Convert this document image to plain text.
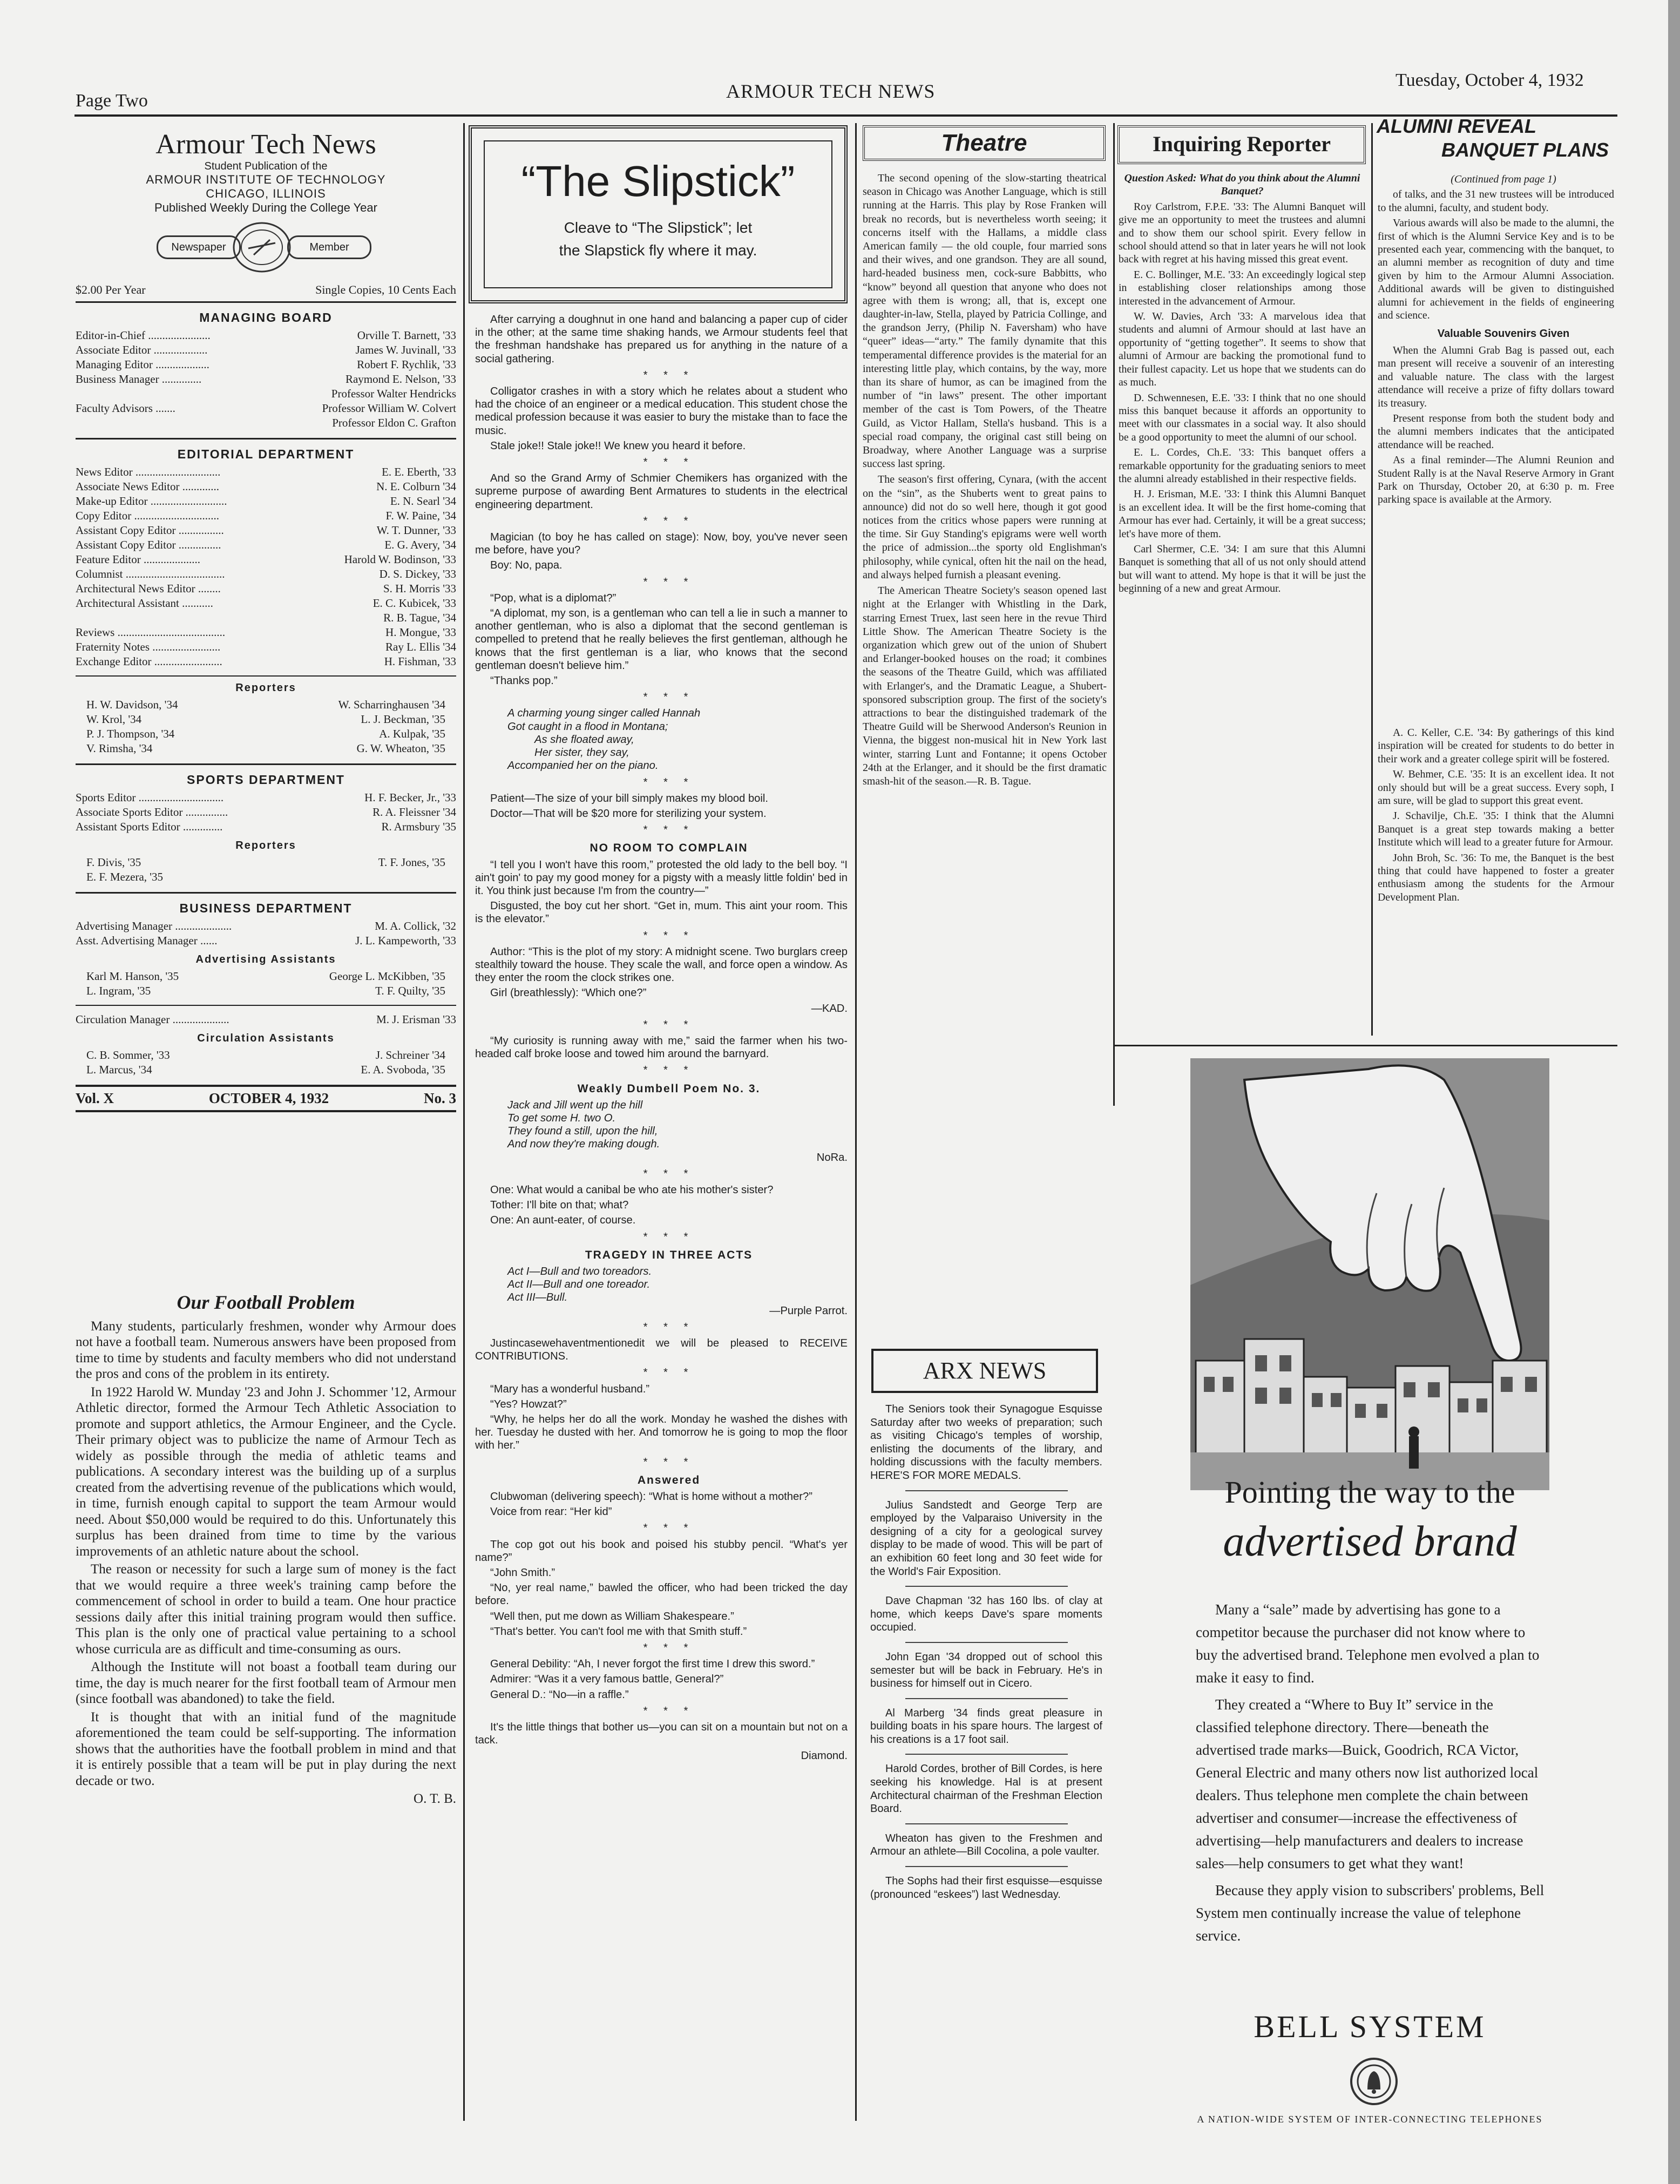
Page Two	ARMOUR TECH NEWS
Tuesday, October 4, 1932
Armour Tech News
Student Publication of the
ARMOUR INSTITUTE OF TECHNOLOGY
CHICAGO, ILLINOIS
Published Weekly During the College Year
Newspaper	Member
$2.00 Per Year	Single Copies, 10 Cents Each
MANAGING BOARD
Editor-in-Chief ......................	Orville T. Barnett, '33
Associate Editor ...................	James W. Juvinall, '33
Managing Editor ...................	Robert F. Rychlik, '33
Business Manager ..............	Raymond E. Nelson, '33
Professor Walter Hendricks
Faculty Advisors .......	Professor William W. Colvert
Professor Eldon C. Grafton
EDITORIAL DEPARTMENT
News Editor ..............................	E. E. Eberth, '33
Associate News Editor .............	N. E. Colburn '34
Make-up Editor ...........................	E. N. Searl '34
Copy Editor ..............................	F. W. Paine, '34
Assistant Copy Editor ................	W. T. Dunner, '33
Assistant Copy Editor ...............	E. G. Avery, '34
Feature Editor ....................	Harold W. Bodinson, '33
Columnist ...................................	D. S. Dickey, '33
Architectural News Editor ........	S. H. Morris '33
Architectural Assistant ...........	E. C. Kubicek, '33
R. B. Tague, '34
Reviews ......................................	H. Mongue, '33
Fraternity Notes ........................	Ray L. Ellis '34
Exchange Editor ........................	H. Fishman, '33
Reporters
H. W. Davidson, '34	W. Scharringhausen '34
W. Krol, '34	L. J. Beckman, '35
P. J. Thompson, '34	A. Kulpak, '35
V. Rimsha, '34	G. W. Wheaton, '35
SPORTS DEPARTMENT
Sports Editor ..............................	H. F. Becker, Jr., '33
Associate Sports Editor ...............	R. A. Fleissner '34
Assistant Sports Editor ..............	R. Armsbury '35
Reporters
F. Divis, '35	T. F. Jones, '35
E. F. Mezera, '35
BUSINESS DEPARTMENT
Advertising Manager ....................	M. A. Collick, '32
Asst. Advertising Manager ......	J. L. Kampeworth, '33
Advertising Assistants
Karl M. Hanson, '35	George L. McKibben, '35
L. Ingram, '35	T. F. Quilty, '35
Circulation Manager ....................	M. J. Erisman '33
Circulation Assistants
C. B. Sommer, '33	J. Schreiner '34
L. Marcus, '34	E. A. Svoboda, '35
Vol. X	OCTOBER 4, 1932	No. 3
Our Football Problem

Many students, particularly freshmen, wonder why Armour does not have a football team. Numerous answers have been proposed from time to time by students and faculty members who did not understand the pros and cons of the problem in its entirety.

In 1922 Harold W. Munday '23 and John J. Schommer '12, Armour Athletic director, formed the Armour Tech Athletic Association to promote and support athletics, the Armour Engineer, and the Cycle. Their primary object was to publicize the name of Armour Tech as widely as possible through the media of athletic teams and publications. A secondary interest was the building up of a surplus created from the advertising revenue of the publications which would, in time, furnish enough capital to support the team Armour would need. About $50,000 would be required to do this. Unfortunately this surplus has been drained from time to time by the various improvements of an athletic nature about the school.

The reason or necessity for such a large sum of money is the fact that we would require a three week's training camp before the commencement of school in order to build a team. One hour practice sessions daily after this initial training program would then suffice. This plan is the only one of practical value pertaining to a school whose curricula are as difficult and time-consuming as ours.

Although the Institute will not boast a football team during our time, the day is much nearer for the first football team of Armour men (since football was abandoned) to take the field.

It is thought that with an initial fund of the magnitude aforementioned the team could be self-supporting. The information shows that the authorities have the football problem in mind and that it is entirely possible that a team will be put in play during the next decade or two.

O. T. B.

“The Slipstick”
Cleave to “The Slipstick”; let
the Slapstick fly where it may.

After carrying a doughnut in one hand and balancing a paper cup of cider in the other; at the same time shaking hands, we Armour students feel that the freshman handshake has prepared us for anything in the nature of a social gathering.

* * *

Colligator crashes in with a story which he relates about a student who had the choice of an engineer or a medical education. This student chose the medical profession because it was easier to bury the mistake than to face the music.

Stale joke!! Stale joke!! We knew you heard it before.

* * *

And so the Grand Army of Schmier Chemikers has organized with the supreme purpose of awarding Bent Armatures to students in the electrical engineering department.

* * *

Magician (to boy he has called on stage): Now, boy, you've never seen me before, have you?

Boy: No, papa.

* * *

“Pop, what is a diplomat?”

“A diplomat, my son, is a gentleman who can tell a lie in such a manner to another gentleman, who is also a diplomat that the second gentleman is compelled to pretend that he really believes the first gentleman, although he knows that the first gentleman is a liar, who knows that the second gentleman doesn't believe him.”

“Thanks pop.”

* * *

A charming young singer called Hannah

Got caught in a flood in Montana;

As she floated away,

Her sister, they say,

Accompanied her on the piano.

* * *

Patient—The size of your bill simply makes my blood boil.

Doctor—That will be $20 more for sterilizing your system.

* * *

NO ROOM TO COMPLAIN

“I tell you I won't have this room,” protested the old lady to the bell boy. “I ain't goin' to pay my good money for a pigsty with a measly little foldin' bed in it. You think just because I'm from the country—”

Disgusted, the boy cut her short. “Get in, mum. This aint your room. This is the elevator.”

* * *

Author: “This is the plot of my story: A midnight scene. Two burglars creep stealthily toward the house. They scale the wall, and force open a window. As they enter the room the clock strikes one.

Girl (breathlessly): “Which one?”

—KAD.

* * *

“My curiosity is running away with me,” said the farmer when his two-headed calf broke loose and towed him around the barnyard.

* * *

Weakly Dumbell Poem No. 3.

Jack and Jill went up the hill

To get some H. two O.

They found a still, upon the hill,

And now they're making dough.

NoRa.

* * *

One: What would a canibal be who ate his mother's sister?

Tother: I'll bite on that; what?

One: An aunt-eater, of course.

* * *

TRAGEDY IN THREE ACTS

Act I—Bull and two toreadors.

Act II—Bull and one toreador.

Act III—Bull.

—Purple Parrot.

* * *

Justincasewehaventmentionedit we will be pleased to RECEIVE CONTRIBUTIONS.

* * *

“Mary has a wonderful husband.”

“Yes? Howzat?”

“Why, he helps her do all the work. Monday he washed the dishes with her. Tuesday he dusted with her. And tomorrow he is going to mop the floor with her.”

* * *

Answered

Clubwoman (delivering speech): “What is home without a mother?”

Voice from rear: “Her kid”

* * *

The cop got out his book and poised his stubby pencil. “What's yer name?”

“John Smith.”

“No, yer real name,” bawled the officer, who had been tricked the day before.

“Well then, put me down as William Shakespeare.”

“That's better. You can't fool me with that Smith stuff.”

* * *

General Debility: “Ah, I never forgot the first time I drew this sword.”

Admirer: “Was it a very famous battle, General?”

General D.: “No—in a raffle.”

* * *

It's the little things that bother us—you can sit on a mountain but not on a tack.

Diamond.

Theatre

The second opening of the slow-starting theatrical season in Chicago was Another Language, which is still running at the Harris. This play by Rose Franken will break no records, but is nevertheless worth seeing; it concerns itself with the Hallams, a middle class American family — the old couple, four married sons and their wives, and one grandson. They are all sound, hard-headed business men, cock-sure Babbitts, who “know” beyond all question that anyone who does not agree with them is wrong; all, that is, except one daughter-in-law, Stella, played by Patricia Collinge, and the grandson Jerry, (Philip N. Faversham) who have “queer” ideas—“arty.” The family dynamite that this temperamental difference provides is the material for an interesting little play, which contains, by the way, more than its share of humor, as can be imagined from the number of “in laws” present. The other important member of the cast is Tom Powers, of the Theatre Guild, as Victor Hallam, Stella's husband. This is a special road company, the original cast still being on Broadway, where Another Language was a surprise success last spring.

The season's first offering, Cynara, (with the accent on the “sin”, as the Shuberts went to great pains to announce) did not do so well here, though it got good notices from the critics whose papers were running at the time. Sir Guy Standing's epigrams were well worth the price of admission...the sporty old Englishman's philosophy, while cynical, often hit the nail on the head, and always helped furnish a pleasant evening.

The American Theatre Society's season opened last night at the Erlanger with Whistling in the Dark, starring Ernest Truex, last seen here in the revue Third Little Show. The American Theatre Society is the organization which grew out of the union of Shubert and Erlanger-booked houses on the road; it combines the seasons of the Theatre Guild, which was affiliated with Erlanger's, and the Dramatic League, a Shubert-sponsored subscription group. The first of the society's attractions to bear the distinguished trademark of the Theatre Guild will be Sherwood Anderson's Reunion in Vienna, the biggest non-musical hit in New York last winter, starring Lunt and Fontanne; it opens October 24th at the Erlanger, and it should be the first dramatic smash-hit of the season.—R. B. Tague.

ARX NEWS

The Seniors took their Synagogue Esquisse Saturday after two weeks of preparation; such as visiting Chicago's temples of worship, enlisting the documents of the library, and holding discussions with the faculty members. HERE'S FOR MORE MEDALS.

Julius Sandstedt and George Terp are employed by the Valparaiso University in the designing of a city for a geological survey display to be made of wood. This will be part of an exhibition 60 feet long and 30 feet wide for the World's Fair Exposition.

Dave Chapman '32 has 160 lbs. of clay at home, which keeps Dave's spare moments occupied.

John Egan '34 dropped out of school this semester but will be back in February. He's in business for himself out in Cicero.

Al Marberg '34 finds great pleasure in building boats in his spare hours. The largest of his creations is a 17 foot sail.

Harold Cordes, brother of Bill Cordes, is here seeking his knowledge. Hal is at present Architectural chairman of the Freshman Election Board.

Wheaton has given to the Freshmen and Armour an athlete—Bill Cocolina, a pole vaulter.

The Sophs had their first esquisse—esquisse (pronounced “eskees”) last Wednesday.

Inquiring Reporter

Question Asked: What do you think about the Alumni Banquet?

Roy Carlstrom, F.P.E. '33: The Alumni Banquet will give me an opportunity to meet the trustees and alumni and to show them our school spirit. Every fellow in school should attend so that in later years he will not look back with regret at his having missed this great event.

E. C. Bollinger, M.E. '33: An exceedingly logical step in establishing closer relationships among those interested in the advancement of Armour.

W. W. Davies, Arch '33: A marvelous idea that students and alumni of Armour should at last have an opportunity of “getting together”. It seems to show that alumni of Armour are backing the promotional fund to their fullest capacity. Let us hope that we students can do as much.

D. Schwennesen, E.E. '33: I think that no one should miss this banquet because it affords an opportunity to meet with our classmates in a social way. It also should be a good opportunity to meet the alumni of our school.

E. L. Cordes, Ch.E. '33: This banquet offers a remarkable opportunity for the graduating seniors to meet the alumni already established in their respective fields.

H. J. Erisman, M.E. '33: I think this Alumni Banquet is an excellent idea. It will be the first home-coming that Armour has ever had. Certainly, it will be a great success; let's have more of them.

Carl Shermer, C.E. '34: I am sure that this Alumni Banquet is something that all of us not only should attend but will want to attend. My hope is that it will be just the beginning of a new and great Armour.

ALUMNI REVEAL
BANQUET PLANS

(Continued from page 1)

of talks, and the 31 new trustees will be introduced to the alumni, faculty, and student body.

Various awards will also be made to the alumni, the first of which is the Alumni Service Key and is to be presented each year, commencing with the banquet, to an alumni member as recognition of duty and time given by him to the Armour Alumni Association. Additional awards will be given to distinguished alumni for achievement in the fields of engineering and science.

Valuable Souvenirs Given

When the Alumni Grab Bag is passed out, each man present will receive a souvenir of an interesting and valuable nature. The class with the largest attendance will receive a prize of fifty dollars toward its treasury.

Present response from both the student body and the alumni members indicates that the anticipated attendance will be reached.

As a final reminder—The Alumni Reunion and Student Rally is at the Naval Reserve Armory in Grant Park on Thursday, October 20, at 6:30 p. m. Free parking space is available at the Armory.

A. C. Keller, C.E. '34: By gatherings of this kind inspiration will be created for students to do better in their work and a greater college spirit will be fostered.

W. Behmer, C.E. '35: It is an excellent idea. It not only should but will be a great success. Every soph, I am sure, will be glad to support this great event.

J. Schavilje, Ch.E. '35: I think that the Alumni Banquet is a great step towards making a better Institute which will lead to a greater future for Armour.

John Broh, Sc. '36: To me, the Banquet is the best thing that could have happened to foster a greater enthusiasm among the students for the Armour Development Plan.

Pointing the way to the
advertised brand

Many a “sale” made by advertising has gone to a competitor because the purchaser did not know where to buy the advertised brand. Telephone men evolved a plan to make it easy to find.

They created a “Where to Buy It” service in the classified telephone directory. There—beneath the advertised trade marks—Buick, Goodrich, RCA Victor, General Electric and many others now list authorized local dealers. Thus telephone men complete the chain between advertiser and consumer—increase the effectiveness of advertising—help manufacturers and dealers to increase sales—help consumers to get what they want!

Because they apply vision to subscribers' problems, Bell System men continually increase the value of telephone service.

BELL SYSTEM
A NATION-WIDE SYSTEM OF INTER-CONNECTING TELEPHONES
